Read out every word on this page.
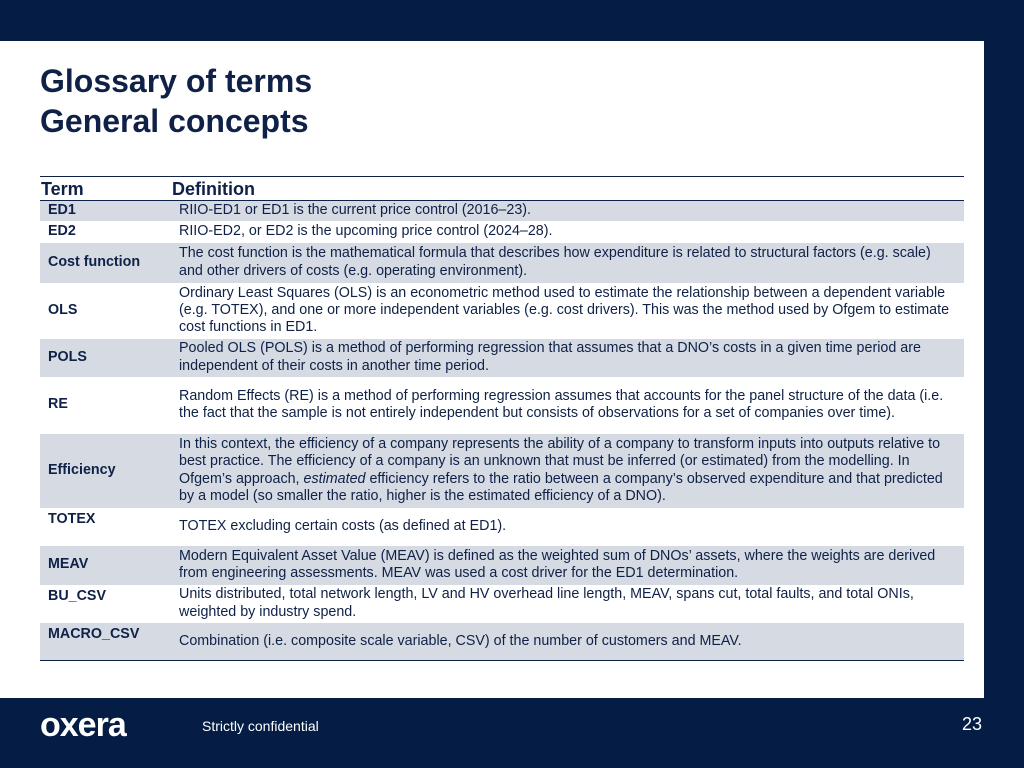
Glossary of terms
General concepts
Term	Definition
ED1	RIIO-ED1 or ED1 is the current price control (2016–23).
ED2	RIIO-ED2, or ED2 is the upcoming price control (2024–28).
Cost function	The cost function is the mathematical formula that describes how expenditure is related to structural factors (e.g. scale) and other drivers of costs (e.g. operating environment).
OLS	Ordinary Least Squares (OLS) is an econometric method used to estimate the relationship between a dependent variable (e.g. TOTEX), and one or more independent variables (e.g. cost drivers). This was the method used by Ofgem to estimate cost functions in ED1.
POLS	Pooled OLS (POLS) is a method of performing regression that assumes that a DNO’s costs in a given time period are independent of their costs in another time period.
RE	Random Effects (RE) is a method of performing regression assumes that accounts for the panel structure of the data (i.e. the fact that the sample is not entirely independent but consists of observations for a set of companies over time).
Efficiency	In this context, the efficiency of a company represents the ability of a company to transform inputs into outputs relative to best practice. The efficiency of a company is an unknown that must be inferred (or estimated) from the modelling. In Ofgem’s approach, estimated efficiency refers to the ratio between a company’s observed expenditure and that predicted by a model (so smaller the ratio, higher is the estimated efficiency of a DNO).
TOTEX	TOTEX excluding certain costs (as defined at ED1).
MEAV	Modern Equivalent Asset Value (MEAV) is defined as the weighted sum of DNOs’ assets, where the weights are derived from engineering assessments. MEAV was used a cost driver for the ED1 determination.
BU_CSV	Units distributed, total network length, LV and HV overhead line length, MEAV, spans cut, total faults, and total ONIs, weighted by industry spend.
MACRO_CSV	Combination (i.e. composite scale variable, CSV) of the number of customers and MEAV.
oxera	Strictly confidential	23
